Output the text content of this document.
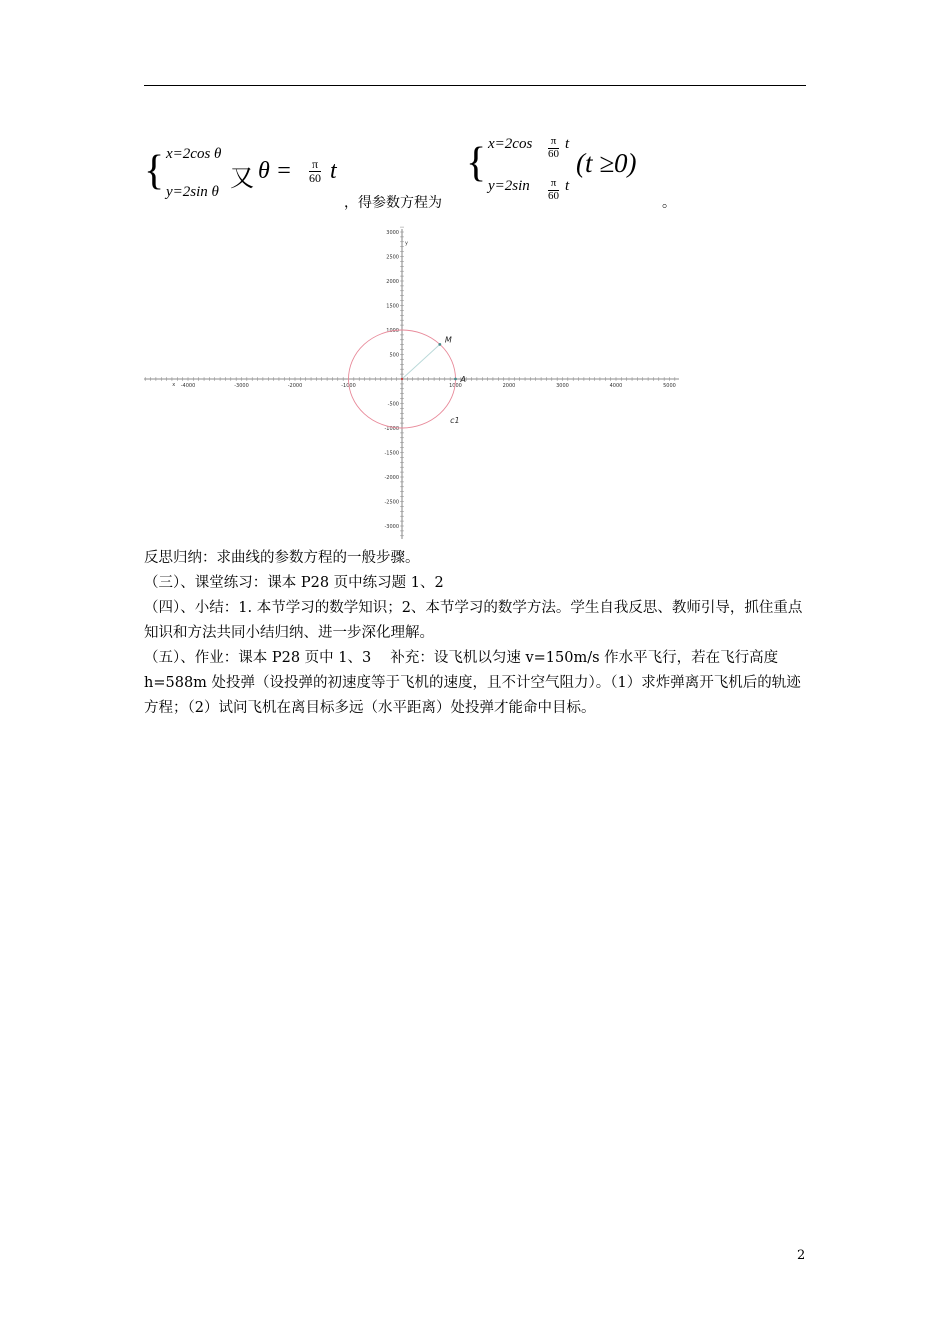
{ x=2cos θ
y=2sin θ 又 $\theta = \frac{\pi}{60}$ t
，得参数方程为
{ $x=2\cos \frac{\pi}{60}$ t
$y=2\sin \frac{\pi}{60}$ t
(t ≥0)
。
-4000	-3000	-2000	-1000	1000	2000	3000	4000	5000
3000
2500
2000
1500
1000
500
-500
-1000
-1500
-2000
-2500
-3000
x
y
c1
M
A

反思归纳：求曲线的参数方程的一般步骤。

（三）、课堂练习：课本 P28 页中练习题 1、2

（四）、小结：1. 本节学习的数学知识；2、本节学习的数学方法。学生自我反思、教师引导，抓住重点知识和方法共同小结归纳、进一步深化理解。

（五）、作业：课本 P28 页中 1、3　 补充：设飞机以匀速 v=150m/s 作水平飞行，若在飞行高度 h=588m 处投弹（设投弹的初速度等于飞机的速度，且不计空气阻力）。（1）求炸弹离开飞机后的轨迹方程；（2）试问飞机在离目标多远（水平距离）处投弹才能命中目标。

2
